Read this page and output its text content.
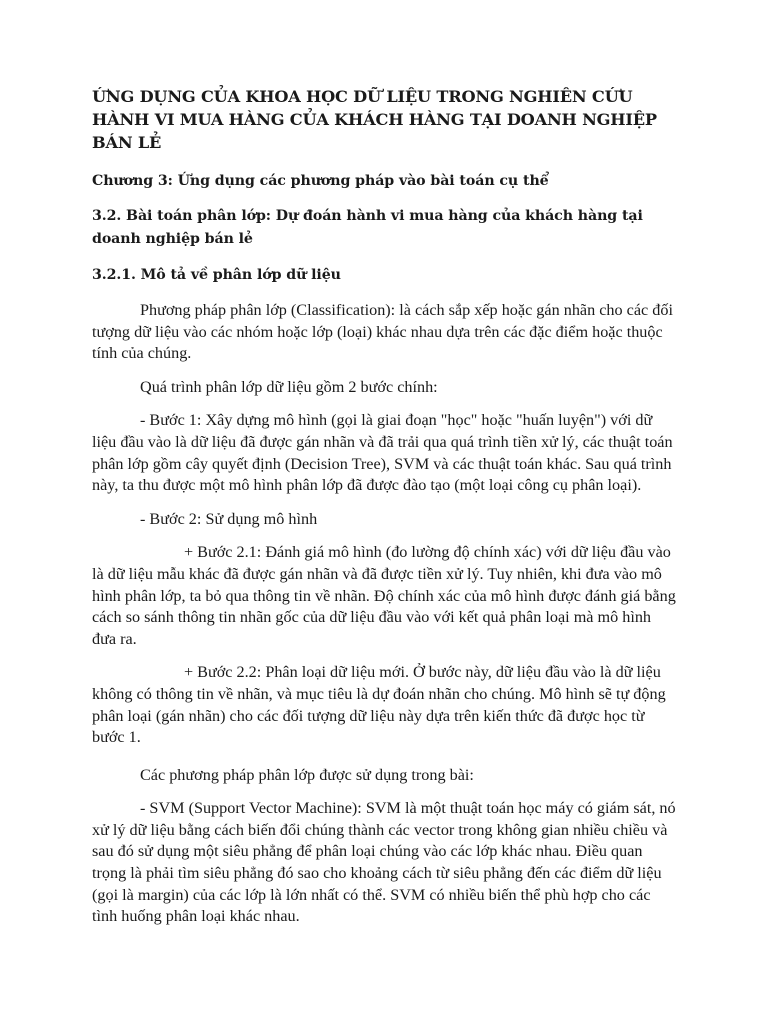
ỨNG DỤNG CỦA KHOA HỌC DỮ LIỆU TRONG NGHIÊN CỨU HÀNH VI MUA HÀNG CỦA KHÁCH HÀNG TẠI DOANH NGHIỆP BÁN LẺ
Chương 3: Ứng dụng các phương pháp vào bài toán cụ thể
3.2. Bài toán phân lớp: Dự đoán hành vi mua hàng của khách hàng tại doanh nghiệp bán lẻ
3.2.1. Mô tả về phân lớp dữ liệu
Phương pháp phân lớp (Classification): là cách sắp xếp hoặc gán nhãn cho các đối tượng dữ liệu vào các nhóm hoặc lớp (loại) khác nhau dựa trên các đặc điểm hoặc thuộc tính của chúng.
Quá trình phân lớp dữ liệu gồm 2 bước chính:
- Bước 1: Xây dựng mô hình (gọi là giai đoạn "học" hoặc "huấn luyện") với dữ liệu đầu vào là dữ liệu đã được gán nhãn và đã trải qua quá trình tiền xử lý, các thuật toán phân lớp gồm cây quyết định (Decision Tree), SVM và các thuật toán khác. Sau quá trình này, ta thu được một mô hình phân lớp đã được đào tạo (một loại công cụ phân loại).
- Bước 2: Sử dụng mô hình
+ Bước 2.1: Đánh giá mô hình (đo lường độ chính xác) với dữ liệu đầu vào là dữ liệu mẫu khác đã được gán nhãn và đã được tiền xử lý. Tuy nhiên, khi đưa vào mô hình phân lớp, ta bỏ qua thông tin về nhãn. Độ chính xác của mô hình được đánh giá bằng cách so sánh thông tin nhãn gốc của dữ liệu đầu vào với kết quả phân loại mà mô hình đưa ra.
+ Bước 2.2: Phân loại dữ liệu mới. Ở bước này, dữ liệu đầu vào là dữ liệu không có thông tin về nhãn, và mục tiêu là dự đoán nhãn cho chúng. Mô hình sẽ tự động phân loại (gán nhãn) cho các đối tượng dữ liệu này dựa trên kiến thức đã được học từ bước 1.
Các phương pháp phân lớp được sử dụng trong bài:
- SVM (Support Vector Machine): SVM là một thuật toán học máy có giám sát, nó xử lý dữ liệu bằng cách biến đổi chúng thành các vector trong không gian nhiều chiều và sau đó sử dụng một siêu phẳng để phân loại chúng vào các lớp khác nhau. Điều quan trọng là phải tìm siêu phẳng đó sao cho khoảng cách từ siêu phẳng đến các điểm dữ liệu (gọi là margin) của các lớp là lớn nhất có thể. SVM có nhiều biến thể phù hợp cho các tình huống phân loại khác nhau.
